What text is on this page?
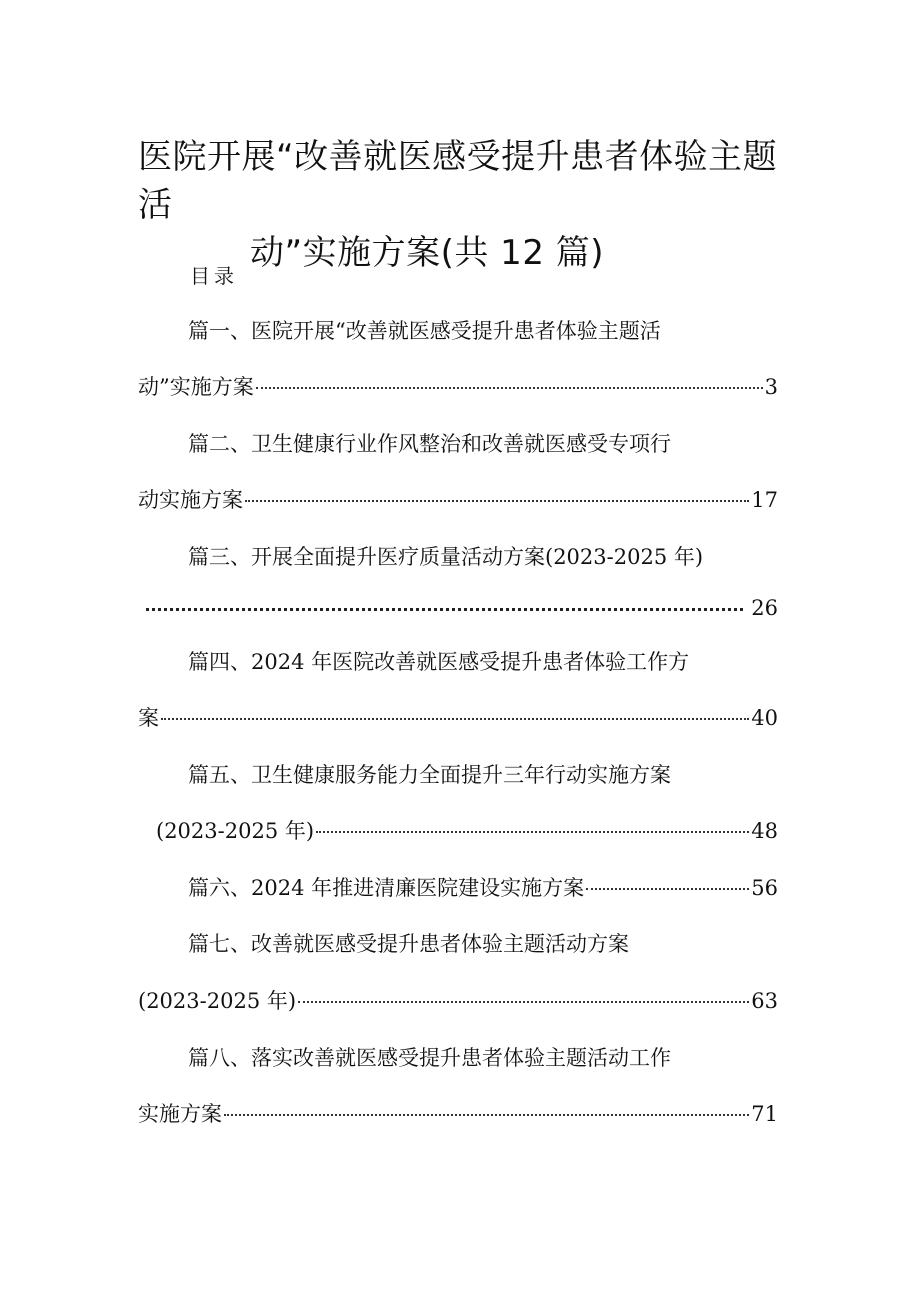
医院开展“改善就医感受提升患者体验主题活
动”实施方案(共 12 篇)
目录
篇一、医院开展“改善就医感受提升患者体验主题活
动”实施方案	3
篇二、卫生健康行业作风整治和改善就医感受专项行
动实施方案	17
篇三、开展全面提升医疗质量活动方案(2023-2025 年)
26
篇四、2024 年医院改善就医感受提升患者体验工作方
案	40
篇五、卫生健康服务能力全面提升三年行动实施方案
(2023-2025 年)	48
篇六、2024 年推进清廉医院建设实施方案	56
篇七、改善就医感受提升患者体验主题活动方案
(2023-2025 年)	63
篇八、落实改善就医感受提升患者体验主题活动工作
实施方案	71
